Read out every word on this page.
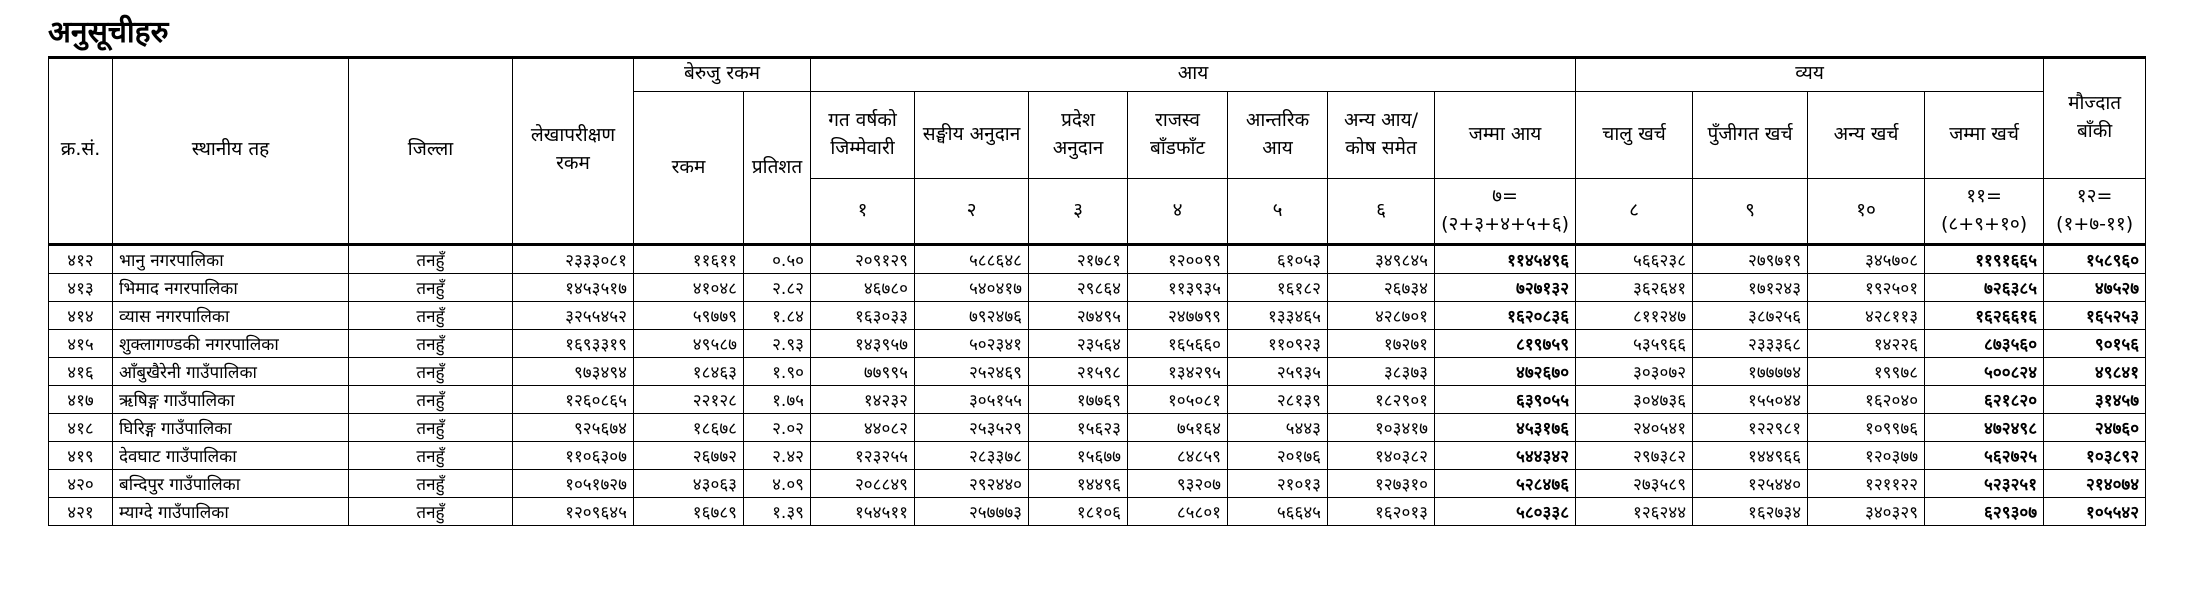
अनुसूचीहरु
क्र.सं.	स्थानीय तह	जिल्ला	लेखापरीक्षण रकम	बेरुजु रकम		आय							व्यय				मौज्दात बाँकी
				रकम	प्रतिशत	गत वर्षको जिम्मेवारी	सङ्घीय अनुदान	प्रदेश अनुदान	राजस्व बाँडफाँट	आन्तरिक आय	अन्य आय/कोष समेत	जम्मा आय	चालु खर्च	पुँजीगत खर्च	अन्य खर्च	जम्मा खर्च	
						१	२	३	४	५	६	७= (२+३+४+५+६)	८	९	१०	११= (८+९+१०)	१२= (१+७-११)
४१२	भानु नगरपालिका	तनहुँ	२३३३०८१	११६११	०.५०	२०९१२९	५८८६४८	२१७८१	१२००९९	६१०५३	३४९८४५	११४५४९६	५६६२३८	२७९७१९	३४५७०८	११९१६६५	१५८९६०
४१३	भिमाद नगरपालिका	तनहुँ	१४५३५१७	४१०४८	२.८२	४६७८०	५४०४१७	२९८६४	११३९३५	१६१८२	२६७३४	७२७१३२	३६२६४१	१७१२४३	१९२५०१	७२६३८५	४७५२७
४१४	व्यास नगरपालिका	तनहुँ	३२५५४५२	५९७७९	१.८४	१६३०३३	७९२४७६	२७४९५	२४७७९९	१३३४६५	४२८७०१	१६२०८३६	८११२४७	३८७२५६	४२८११३	१६२६६१६	१६५२५३
४१५	शुक्लागण्डकी नगरपालिका	तनहुँ	१६९३३१९	४९५८७	२.९३	१४३९५७	५०२३४१	२३५६४	१६५६६०	११०९२३	१७२७१	८१९७५९	५३५९६६	२३३३६८	१४२२६	८७३५६०	९०१५६
४१६	आँबुखैरेनी गाउँपालिका	तनहुँ	९७३४९४	१८४६३	१.९०	७७९९५	२५२४६९	२१५९८	१३४२९५	२५९३५	३८३७३	४७२६७०	३०३०७२	१७७७७४	१९९७८	५००८२४	४९८४१
४१७	ऋषिङ्ग गाउँपालिका	तनहुँ	१२६०८६५	२२१२८	१.७५	१४२३२	३०५१५५	१७७६९	१०५०८१	२८१३९	१८२९०१	६३९०५५	३०४७३६	१५५०४४	१६२०४०	६२१८२०	३१४५७
४१८	घिरिङ्ग गाउँपालिका	तनहुँ	९२५६७४	१८६७८	२.०२	४४०८२	२५३५२९	१५६२३	७५१६४	५४४३	१०३४१७	४५३१७६	२४०५४१	१२२९८१	१०९९७६	४७२४९८	२४७६०
४१९	देवघाट गाउँपालिका	तनहुँ	११०६३०७	२६७७२	२.४२	१२३२५५	२८३३७८	१५६७७	८४८५९	२०१७६	१४०३८२	५४४३४२	२९७३८२	१४४९६६	१२०३७७	५६२७२५	१०३८९२
४२०	बन्दिपुर गाउँपालिका	तनहुँ	१०५१७२७	४३०६३	४.०९	२०८८४९	२९२४४०	१४४९६	९३२०७	२१०१३	१२७३१०	५२८४७६	२७३५८९	१२५४४०	१२११२२	५२३२५१	२१४०७४
४२१	म्याग्दे गाउँपालिका	तनहुँ	१२०९६४५	१६७८९	१.३९	१५४५११	२५७७७३	१८१०६	८५८०१	५६६४५	१६२०१३	५८०३३८	१२६२४४	१६२७३४	३४०३२९	६२९३०७	१०५५४२
